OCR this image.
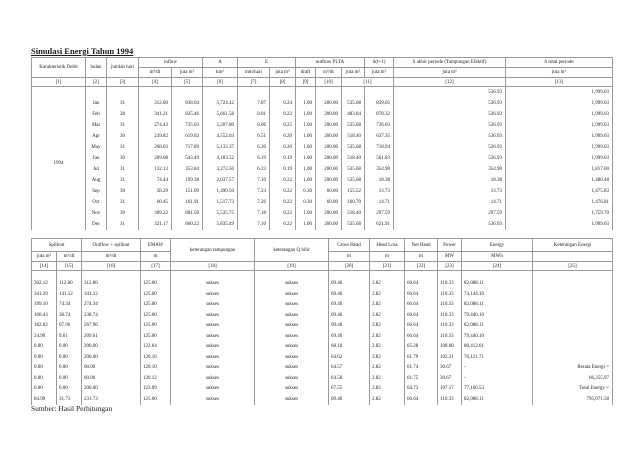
Simulasi Energi Tahun 1994
Karakteristik Debit	bulan	jumlah hari	inflow		A	E		outflow PLTA			S(t+1)	S akhir periode (Tampungan Efektif)	S total periode
			m³/dt	juta m³	km²	mm/hari	juta m³	draft	m³/dt	juta m³	juta m³	juta m³	juta m³
[1]	[2]	[3]	[4]	[5]	[6]	[7]	[8]	[9]	[10]	[11]		[12]	[13]
												536.93	1,999.03
1994	Jan	31	312.80	838.04	5,724.42	7.87	0.24	1.00	200.00	535.68	839.05	536.93	1,999.03
	Feb	28	341.21	825.46	5,661.58	8.01	0.22	1.00	200.00	483.84	878.32	536.93	1,999.03
	Mar	31	274.43	735.03	5,207.80	8.06	0.25	1.00	200.00	535.68	736.03	536.93	1,999.03
	Apr	30	239.82	619.02	4,552.03	6.51	0.20	1.00	200.00	518.40	637.35	536.93	1,999.03
	May	31	268.03	717.89	5,133.37	6.30	0.20	1.00	200.00	535.68	718.94	536.93	1,999.03
	Jun	30	209.68	543.49	4,183.52	6.19	0.19	1.00	200.00	518.40	561.83	536.93	1,999.03
	Jul	31	132.13	353.84	3,272.50	6.23	0.19	1.00	200.00	535.68	354.90	354.90	1,817.00
	Aug	31	74.44	199.38	2,037.57	7.10	0.22	1.00	200.00	535.68	18.38	18.38	1,480.48
	Sep	30	58.29	151.09	1,490.50	7.23	0.22	0.30	60.00	155.52	13.73	13.73	1,475.83
	Oct	31	60.45	161.91	1,517.73	7.26	0.22	0.30	60.00	160.70	14.71	14.71	1,476.81
	Nov	30	309.22	801.50	5,535.75	7.18	0.22	1.00	200.00	518.40	297.59	297.59	1,759.70
	Dec	31	321.17	860.22	5,835.49	7.10	0.22	1.00	200.00	535.68	621.91	536.93	1,999.03
Spillout		Outflow + spillout	EMAW	keterangan tampungan	keterangan Q hilir	Gross Head	Head Loss	Net Head	Power	Energy	Keterangan Energi
juta m³	m³/dt	m³/dt	m			m	m	m	MW	MWh	
[14]	[15]	[16]	[17]	[18]	[19]	[20]	[21]	[22]	[23]	[24]	[25]

302.12	112.80	312.80	125.00	sukses	sukses	69.46	2.82	66.64	110.33	82,088.11	
341.39	141.12	341.12	125.00	sukses	sukses	69.46	2.82	66.64	110.33	74,144.10	
199.10	74.34	274.34	125.00	sukses	sukses	69.46	2.82	66.64	110.33	82,088.11	
100.43	38.74	238.74	125.00	sukses	sukses	69.46	2.82	66.64	110.33	79,440.10	
182.02	67.96	267.96	125.00	sukses	sukses	69.46	2.82	66.64	110.33	82,088.11	
24.90	9.61	209.61	125.00	sukses	sukses	69.46	2.82	66.64	110.33	79,440.10	
0.00	0.00	200.00	123.64	sukses	sukses	68.10	2.82	65.28	108.08	80,412.61	
0.00	0.00	200.00	120.16	sukses	sukses	64.62	2.82	61.79	102.31	76,121.71	
0.00	0.00	60.00	120.10	sukses	sukses	64.57	2.82	61.74	30.67	-	Rerata Energi =
0.00	0.00	60.00	120.12	sukses	sukses	64.58	2.82	61.75	30.67	-	66,255.97
0.00	0.00	200.00	123.09	sukses	sukses	67.55	2.82	64.73	107.17	77,160.53	Total Energy =
84.99	31.73	231.73	125.00	sukses	sukses	69.46	2.82	66.64	110.33	82,088.11	795,071.58
Sumber: Hasil Perhitungan
